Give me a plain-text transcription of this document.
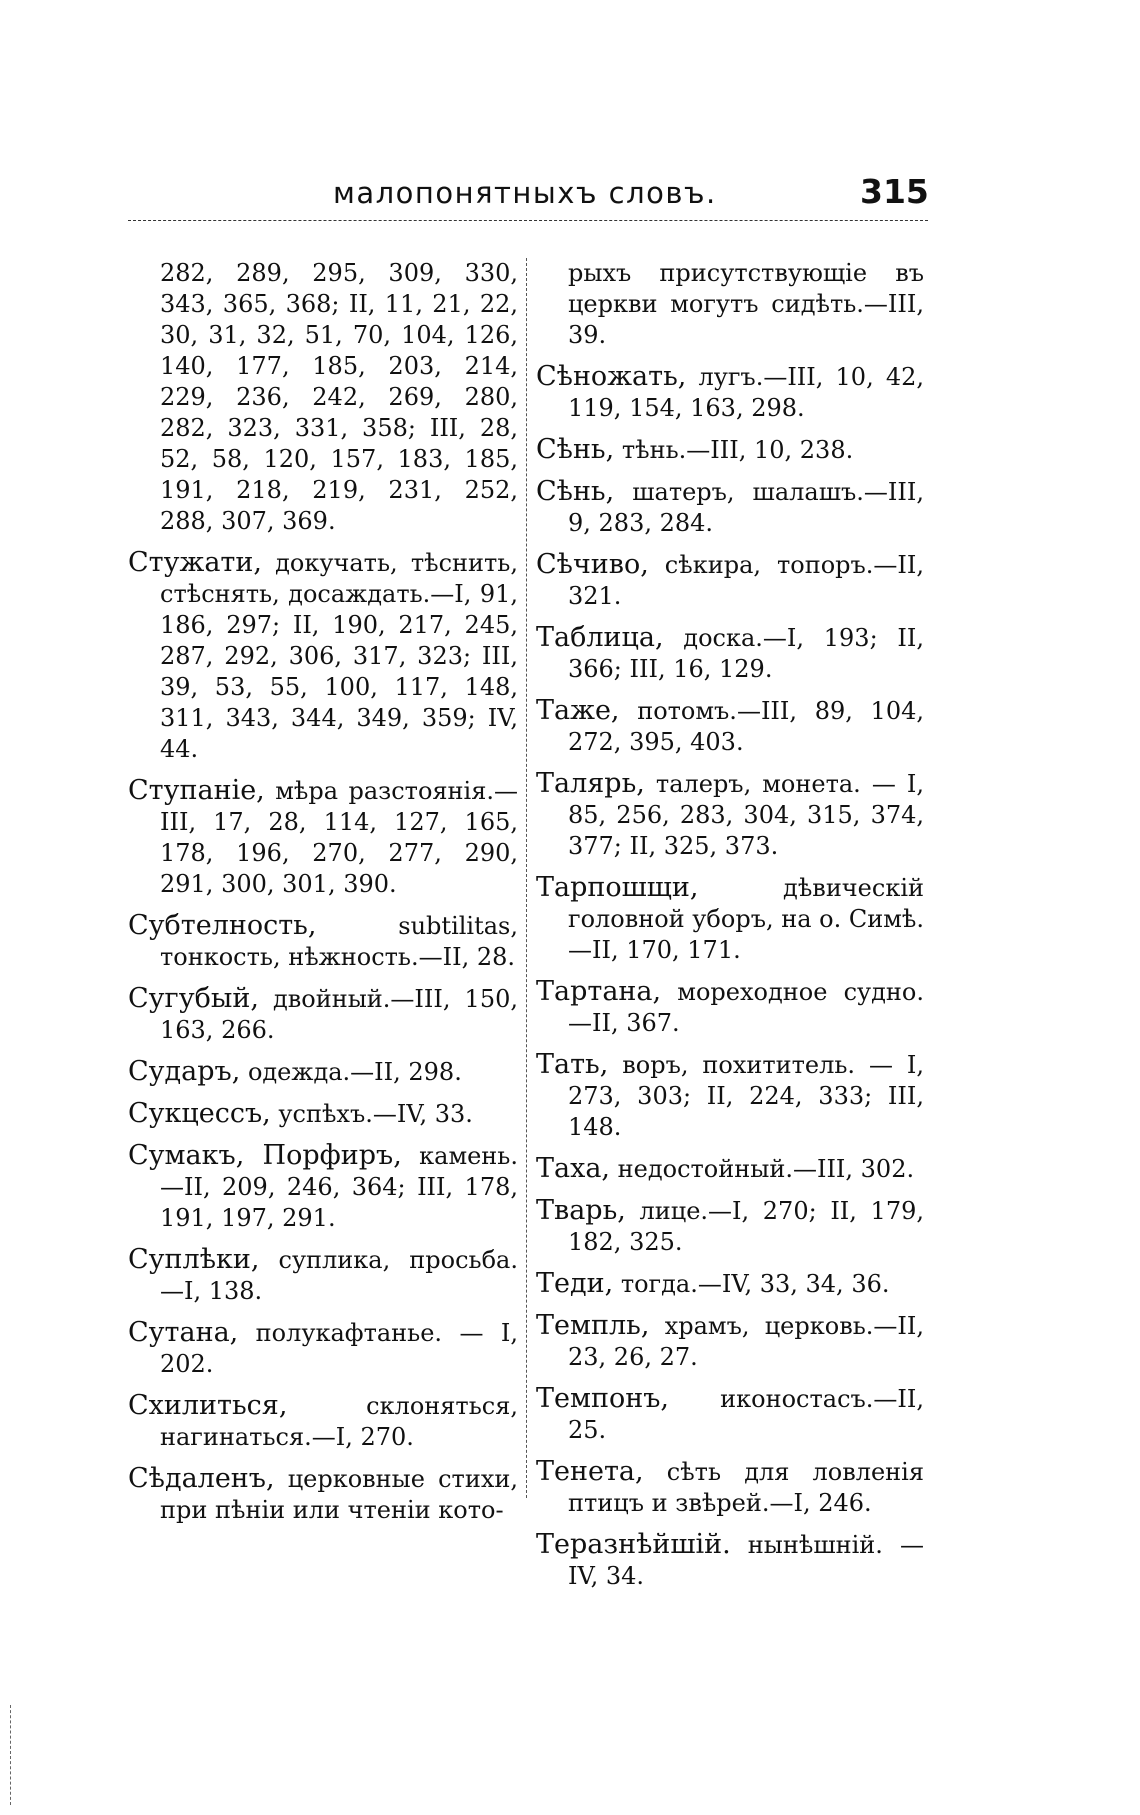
малопонятныхъ словъ.	315

282, 289, 295, 309, 330, 343, 365, 368; II, 11, 21, 22, 30, 31, 32, 51, 70, 104, 126, 140, 177, 185, 203, 214, 229, 236, 242, 269, 280, 282, 323, 331, 358; III, 28, 52, 58, 120, 157, 183, 185, 191, 218, 219, 231, 252, 288, 307, 369.

Стужати, докучать, тѣснить, стѣснять, досаждать.—I, 91, 186, 297; II, 190, 217, 245, 287, 292, 306, 317, 323; III, 39, 53, 55, 100, 117, 148, 311, 343, 344, 349, 359; IV, 44.

Ступаніе, мѣра разстоянія.—III, 17, 28, 114, 127, 165, 178, 196, 270, 277, 290, 291, 300, 301, 390.

Субтелность, subtilitas, тонкость, нѣжность.—II, 28.

Сугубый, двойный.—III, 150, 163, 266.

Сударъ, одежда.—II, 298.

Сукцессъ, успѣхъ.—IV, 33.

Сумакъ, Порфиръ, камень.—II, 209, 246, 364; III, 178, 191, 197, 291.

Суплѣки, суплика, просьба.—I, 138.

Сутана, полукафтанье. — I, 202.

Схилиться, склоняться, нагинаться.—I, 270.

Сѣдаленъ, церковные стихи, при пѣніи или чтеніи кото-

рыхъ присутствующіе въ церкви могутъ сидѣть.—III, 39.

Сѣножать, лугъ.—III, 10, 42, 119, 154, 163, 298.

Сѣнь, тѣнь.—III, 10, 238.

Сѣнь, шатеръ, шалашъ.—III, 9, 283, 284.

Сѣчиво, сѣкира, топоръ.—II, 321.

Таблица, доска.—I, 193; II, 366; III, 16, 129.

Таже, потомъ.—III, 89, 104, 272, 395, 403.

Талярь, талеръ, монета. — I, 85, 256, 283, 304, 315, 374, 377; II, 325, 373.

Тарпошщи, дѣвическій головной уборъ, на о. Симѣ.—II, 170, 171.

Тартана, мореходное судно.—II, 367.

Тать, воръ, похититель. — I, 273, 303; II, 224, 333; III, 148.

Таха, недостойный.—III, 302.

Тварь, лице.—I, 270; II, 179, 182, 325.

Теди, тогда.—IV, 33, 34, 36.

Темпль, храмъ, церковь.—II, 23, 26, 27.

Темпонъ, иконостасъ.—II, 25.

Тенета, сѣть для ловленія птицъ и звѣрей.—I, 246.

Теразнѣйшій. нынѣшній. — IV, 34.
